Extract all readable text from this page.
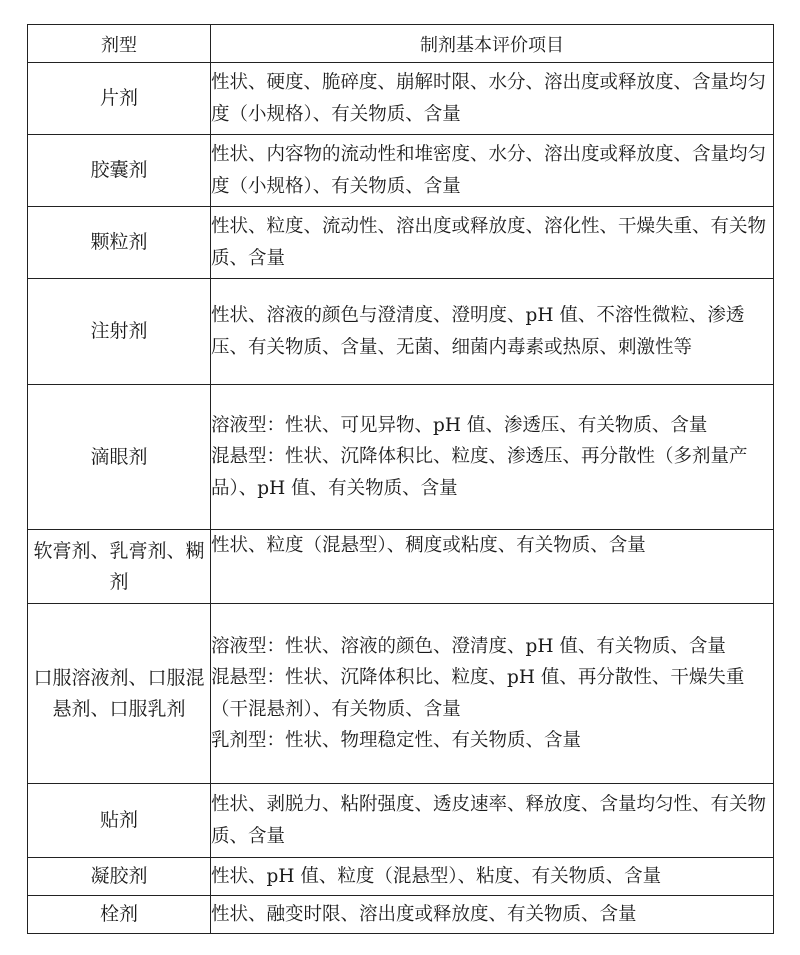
剂型	制剂基本评价项目
片剂	性状、硬度、脆碎度、崩解时限、水分、溶出度或释放度、含量均匀度（小规格）、有关物质、含量

胶囊剂	性状、内容物的流动性和堆密度、水分、溶出度或释放度、含量均匀度（小规格）、有关物质、含量

颗粒剂	性状、粒度、流动性、溶出度或释放度、溶化性、干燥失重、有关物质、含量

注射剂	性状、溶液的颜色与澄清度、澄明度、pH 值、不溶性微粒、渗透压、有关物质、含量、无菌、细菌内毒素或热原、刺激性等

滴眼剂	溶液型：性状、可见异物、pH 值、渗透压、有关物质、含量
混悬型：性状、沉降体积比、粒度、渗透压、再分散性（多剂量产品）、pH 值、有关物质、含量

软膏剂、乳膏剂、糊剂	性状、粒度（混悬型）、稠度或粘度、有关物质、含量

口服溶液剂、口服混悬剂、口服乳剂	溶液型：性状、溶液的颜色、澄清度、pH 值、有关物质、含量
混悬型：性状、沉降体积比、粒度、pH 值、再分散性、干燥失重（干混悬剂）、有关物质、含量
乳剂型：性状、物理稳定性、有关物质、含量

贴剂	性状、剥脱力、粘附强度、透皮速率、释放度、含量均匀性、有关物质、含量

凝胶剂	性状、pH 值、粒度（混悬型）、粘度、有关物质、含量

栓剂	性状、融变时限、溶出度或释放度、有关物质、含量
